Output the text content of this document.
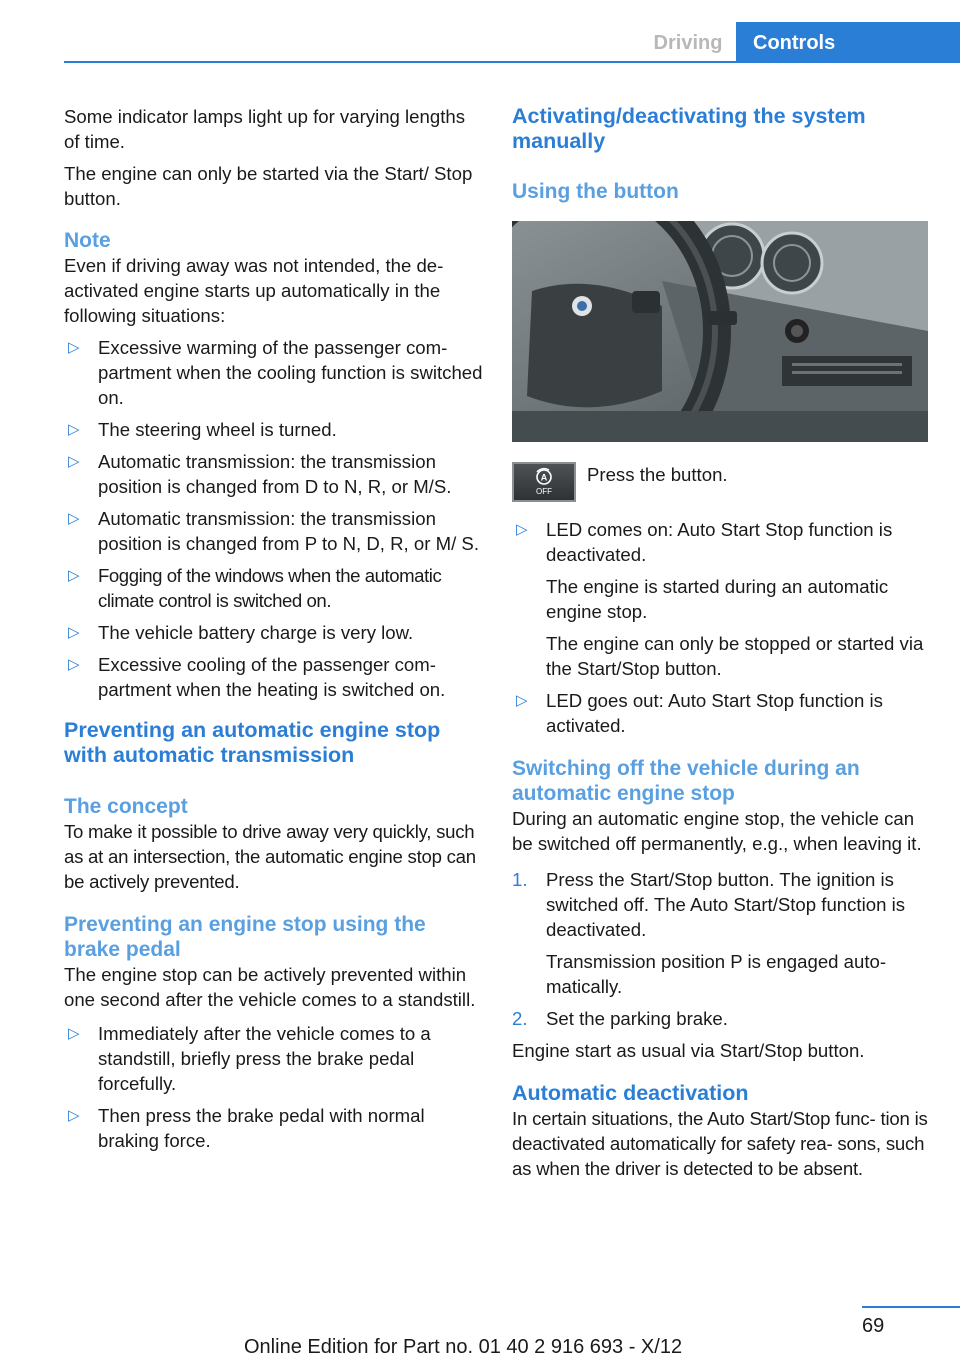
Driving	Controls

Some indicator lamps light up for varying lengths of time.

The engine can only be started via the Start/ Stop button.

Note

Even if driving away was not intended, the de‐ activated engine starts up automatically in the following situations:

▷ Excessive warming of the passenger com‐ partment when the cooling function is switched on.
▷ The steering wheel is turned.
▷ Automatic transmission: the transmission position is changed from D to N, R, or M/S.
▷ Automatic transmission: the transmission position is changed from P to N, D, R, or M/ S.
▷ Fogging of the windows when the automatic climate control is switched on.
▷ The vehicle battery charge is very low.
▷ Excessive cooling of the passenger com‐ partment when the heating is switched on.
Preventing an automatic engine stop with automatic transmission
The concept

To make it possible to drive away very quickly, such as at an intersection, the automatic engine stop can be actively prevented.

Preventing an engine stop using the brake pedal

The engine stop can be actively prevented within one second after the vehicle comes to a standstill.

▷ Immediately after the vehicle comes to a standstill, briefly press the brake pedal forcefully.
▷ Then press the brake pedal with normal braking force.
Activating/deactivating the system manually
Using the button
A
OFF
Press the button.
▷ LED comes on: Auto Start Stop function is deactivated.
The engine is started during an automatic engine stop.
The engine can only be stopped or started via the Start/Stop button.
▷ LED goes out: Auto Start Stop function is activated.
Switching off the vehicle during an automatic engine stop

During an automatic engine stop, the vehicle can be switched off permanently, e.g., when leaving it.

1. Press the Start/Stop button. The ignition is switched off. The Auto Start/Stop function is deactivated.
Transmission position P is engaged auto‐ matically.
2. Set the parking brake.

Engine start as usual via Start/Stop button.

Automatic deactivation

In certain situations, the Auto Start/Stop func‐ tion is deactivated automatically for safety rea‐ sons, such as when the driver is detected to be absent.

69
Online Edition for Part no. 01 40 2 916 693 - X/12
